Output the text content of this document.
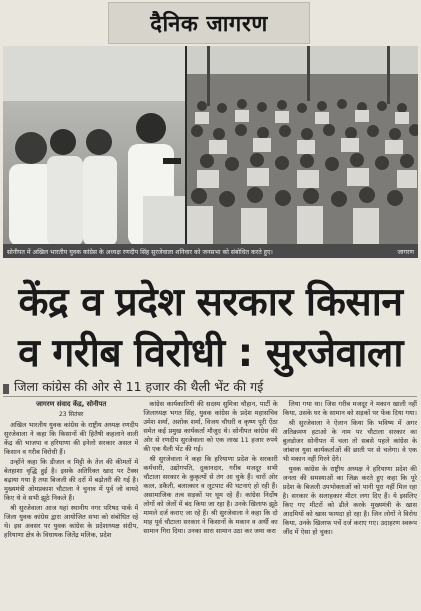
दैनिक जागरण
सोनीपत में अखिल भारतीय युवक कांग्रेस के अध्यक्ष रणदीप सिंह सुरजेवाला शनिवार को जनसभा को संबोधित करते हुए।	जागरण
केंद्र व प्रदेश सरकार किसान
व गरीब विरोधी : सुरजेवाला
जिला कांग्रेस की ओर से 11 हजार की थैली भेंट की गई
जागरण संवाद केंद्र, सोनीपत
23 सितंबर

अखिल भारतीय युवक कांग्रेस के राष्ट्रीय अध्यक्ष रणदीप सुरजेवाला ने कहा कि किसानों की हितैषी कहलाने वाली केंद्र की भाजपा व हरियाणा की इनेलो सरकार असल में किसान व गरीब विरोधी हैं।

उन्होंने कहा कि डीजल व मिट्टी के तेल की कीमतों में बेतहाशा वृद्धि हुई है। इसके अतिरिक्त खाद पर टैक्स बढ़ाया गया है तथा बिजली की दरों में बढ़ोतरी की गई है। मुख्यमंत्री ओमप्रकाश चौटाला ने चुनाव में पूर्व जो वायदे किए थे वे सभी झूठे निकले हैं।

श्री सुरजेवाला आज यहां स्थानीय नगर परिषद पार्क में जिला युवक कांग्रेस द्वारा आयोजित सभा को संबोधित रहे थे। इस अवसर पर युवक कांग्रेस के प्रदेशाध्यक्ष संदीप, हरियाणा क्षेत्र के विधायक जितेंद्र मलिक, प्रदेश

कांग्रेस कार्यकारिणी की सदस्य सुमित्रा चौहान, पार्टी के जिलाध्यक्ष भगत सिंह, युवक कांग्रेस के प्रदेश महासचिव उमेश शर्मा, अशोक शर्मा, विजय चौधरी व कृष्ण पूरी ऐंठा समेत कई प्रमुख कार्यकर्ता मौजूद थे। सोनीपत कांग्रेस की ओर से रणदीप सुरजेवाला को एक लाख 11 हजार रुपये की एक थैली भेंट की गई।

श्री सुरजेवाला ने कहा कि हरियाणा प्रदेश के सरकारी कर्मचारी, उद्योगपति, दुकानदार, गरीब मजदूर सभी चौटाला सरकार के कुकृत्यों से तंग आ चुके हैं। चारों ओर कत्ल, डकैती, बलात्कार व लूटपाट की घटनाएं हो रही हैं। असामाजिक तत्व सड़कों पर घूम रहे हैं। कांग्रेस निर्दोष लोगों को जेलों में बंद किया जा रहा है। उनके खिलाफ झूठे मामले दर्ज कराए जा रहे हैं। श्री सुरजेवाला ने कहा कि दो माह पूर्व चौटाला सरकार ने किसानों के मकान व अर्थी का सामान गिरा दिया। उनका सारा सामान उठा कर जमा करा

लिया गया था। जिस गरीब मजदूर ने मकान खाली नहीं किया, उसके घर के सामान को सड़कों पर फेंक दिया गया।

श्री सुरजेवाला ने ऐलान किया कि भविष्य में अगर अतिक्रमण हटाओ के नाम पर चौटाला सरकार का बुलडोजर सोनीपत में चला तो सबसे पहले कांग्रेस के जांबाज युवा कार्यकर्ताओं की छाती पर से चलेगा। वे एक भी मकान नहीं गिरने देंगे।

युवक कांग्रेस के राष्ट्रीय अध्यक्ष ने हरियाणा प्रदेश की जनता की समस्याओं का जिक्र करते हुए कहा कि पूरे प्रदेश के बिजली उपभोक्ताओं को पानी पूरा नहीं मिल रहा है। सरकार के सलाहकार मीटर लगा दिए हैं। ये इसलिए किए गए मीटरों को ढीले करके मुख्यमंत्री के खास आदमियों को खास फायदा हो रहा है। जिन लोगों ने विरोध किया, उनके खिलाफ पर्चे दर्ज कराए गए। उदाहरण स्वरूप जींद में ऐसा हो चुका।
